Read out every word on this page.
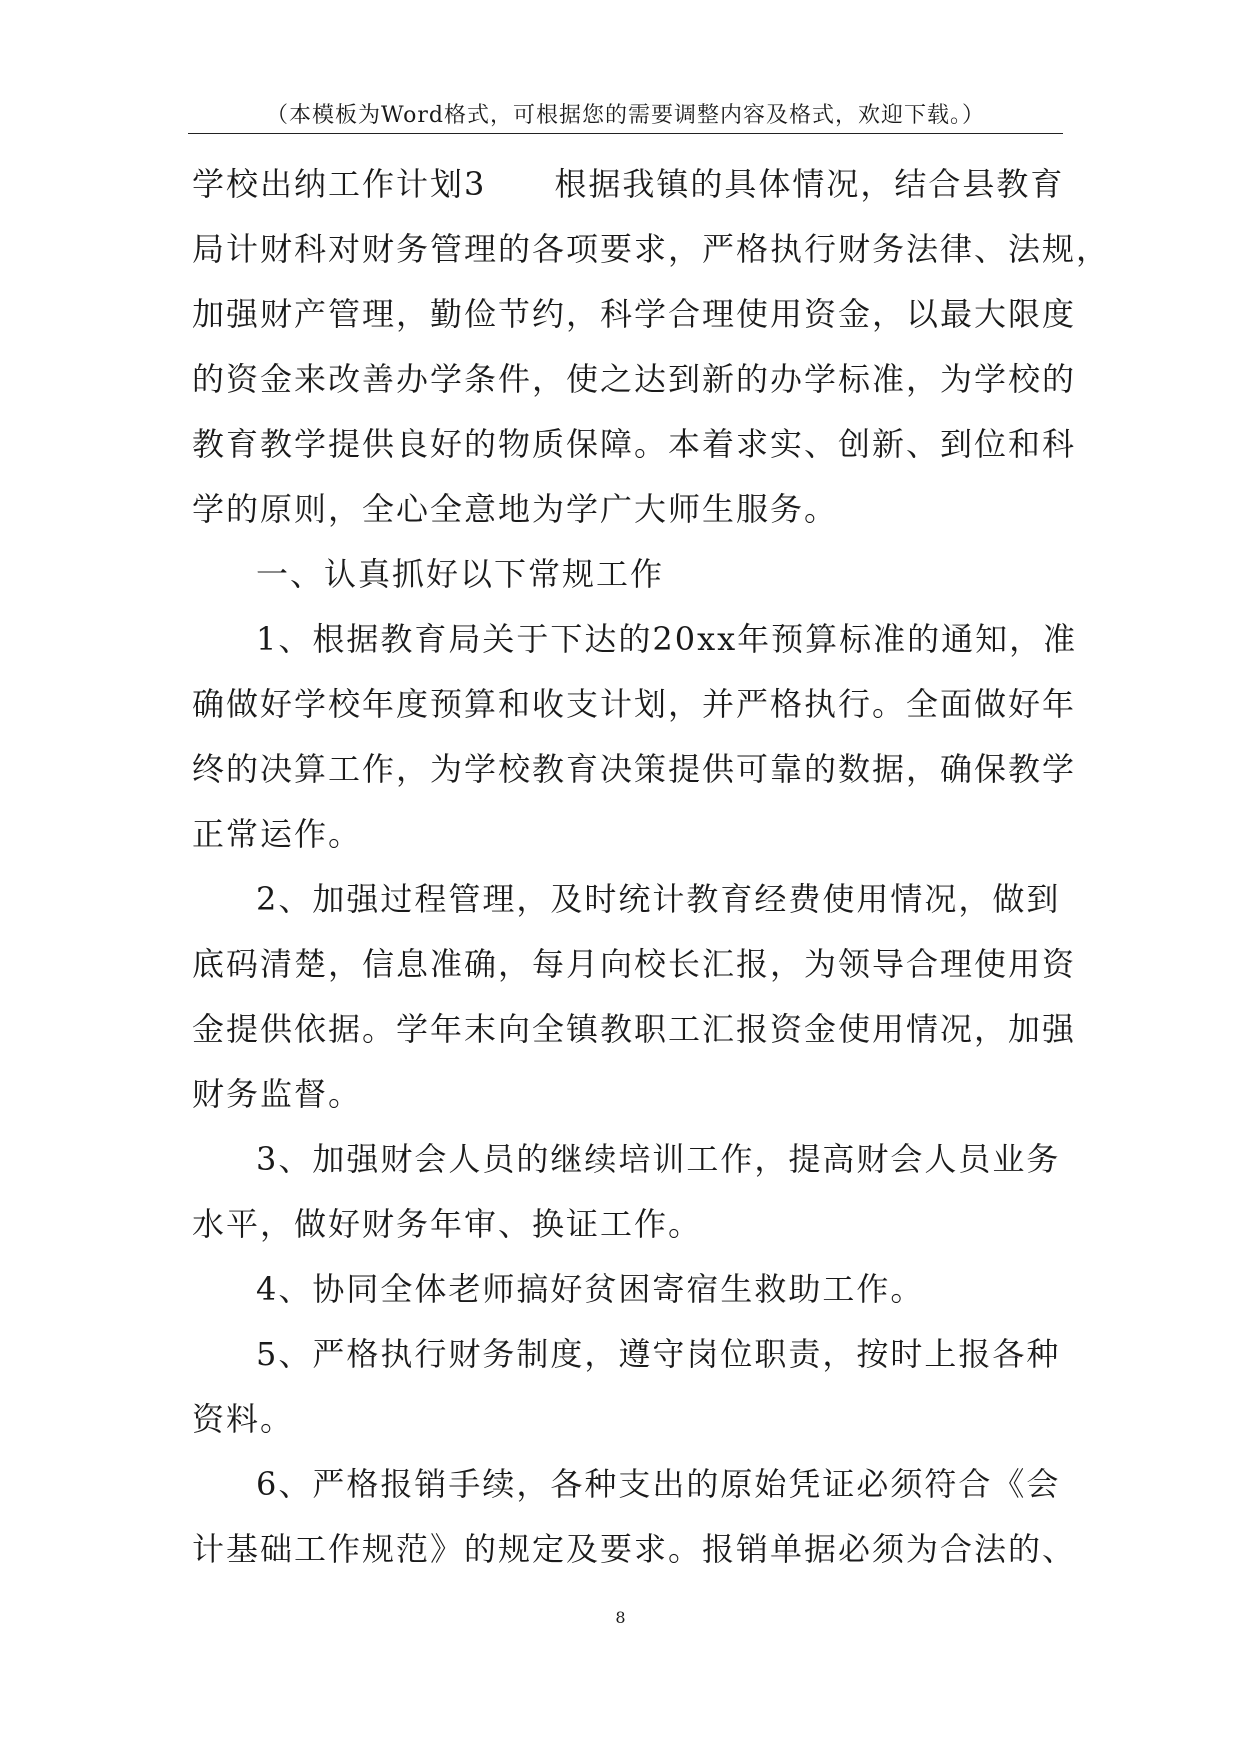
（本模板为Word格式，可根据您的需要调整内容及格式，欢迎下载。）
学校出纳工作计划3　　根据我镇的具体情况，结合县教育
局计财科对财务管理的各项要求，严格执行财务法律、法规，
加强财产管理，勤俭节约，科学合理使用资金，以最大限度
的资金来改善办学条件，使之达到新的办学标准，为学校的
教育教学提供良好的物质保障。本着求实、创新、到位和科
学的原则，全心全意地为学广大师生服务。
一、认真抓好以下常规工作
1、根据教育局关于下达的20xx年预算标准的通知，准
确做好学校年度预算和收支计划，并严格执行。全面做好年
终的决算工作，为学校教育决策提供可靠的数据，确保教学
正常运作。
2、加强过程管理，及时统计教育经费使用情况，做到
底码清楚，信息准确，每月向校长汇报，为领导合理使用资
金提供依据。学年末向全镇教职工汇报资金使用情况，加强
财务监督。
3、加强财会人员的继续培训工作，提高财会人员业务
水平，做好财务年审、换证工作。
4、协同全体老师搞好贫困寄宿生救助工作。
5、严格执行财务制度，遵守岗位职责，按时上报各种
资料。
6、严格报销手续，各种支出的原始凭证必须符合《会
计基础工作规范》的规定及要求。报销单据必须为合法的、
8
